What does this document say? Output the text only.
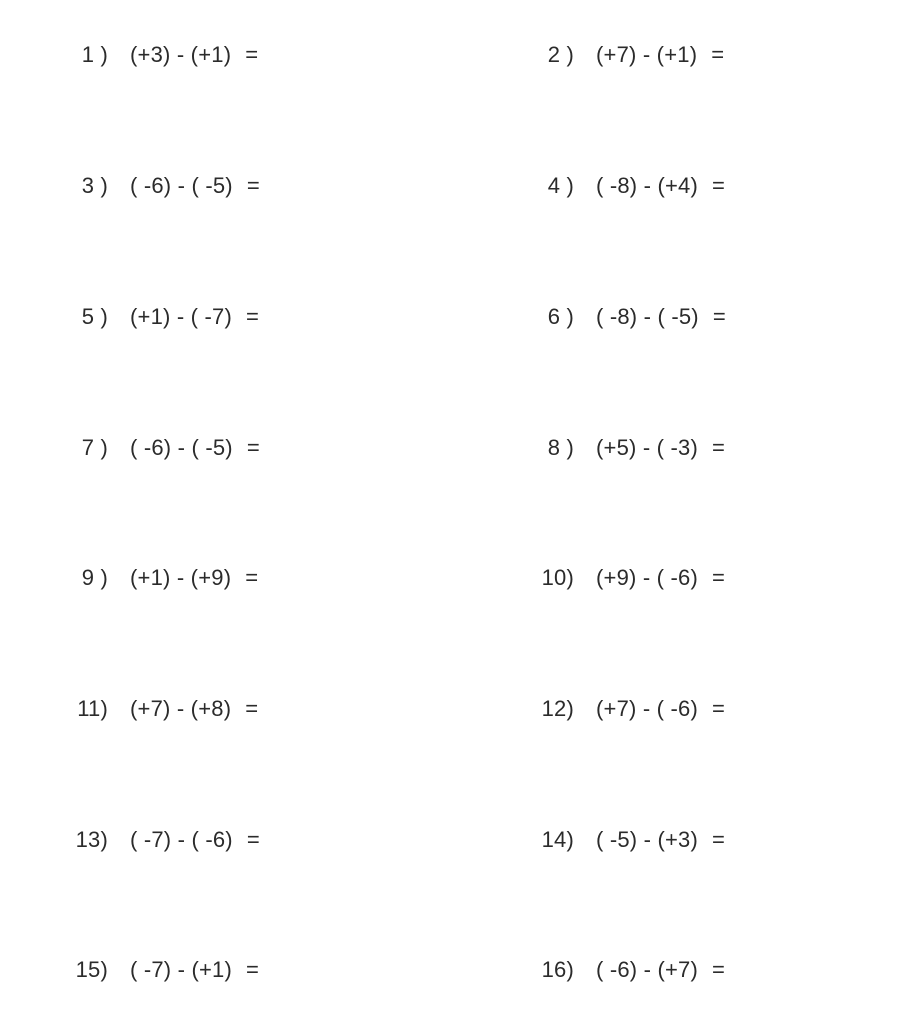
1 ) (+3) - (+1) =	2 ) (+7) - (+1) =
3 ) ( -6) - ( -5) =	4 ) ( -8) - (+4) =
5 ) (+1) - ( -7) =	6 ) ( -8) - ( -5) =
7 ) ( -6) - ( -5) =	8 ) (+5) - ( -3) =
9 ) (+1) - (+9) =	10) (+9) - ( -6) =
11) (+7) - (+8) =	12) (+7) - ( -6) =
13) ( -7) - ( -6) =	14) ( -5) - (+3) =
15) ( -7) - (+1) =	16) ( -6) - (+7) =
